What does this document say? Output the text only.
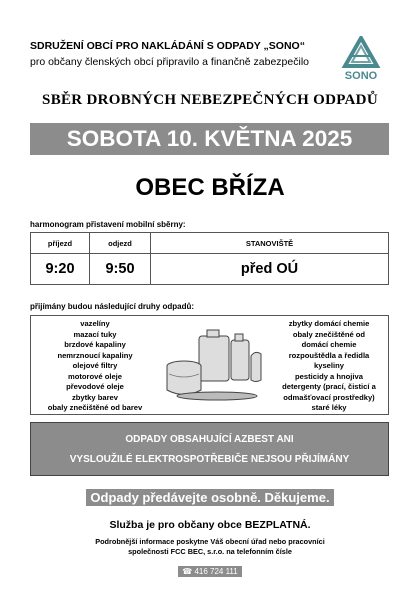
SDRUŽENÍ OBCÍ PRO NAKLÁDÁNÍ S ODPADY „SONO“
pro občany členských obcí připravilo a finančně zabezpečilo
SONO
SBĚR DROBNÝCH NEBEZPEČNÝCH ODPADŮ
SOBOTA 10. KVĚTNA 2025
OBEC BŘÍZA
harmonogram přistavení mobilní sběrny:
příjezd	odjezd	STANOVIŠTĚ
9:20	9:50	před OÚ
přijímány budou následující druhy odpadů:
vazelíny
mazací tuky
brzdové kapaliny
nemrznoucí kapaliny
olejové filtry
motorové oleje
převodové oleje
zbytky barev
obaly znečištěné od barev
zbytky domácí chemie
obaly znečištěné od
domácí chemie
rozpouštědla a ředidla
kyseliny
pesticidy a hnojiva
detergenty (prací, čisticí a
odmašťovací prostředky)
staré léky
ODPADY OBSAHUJÍCÍ AZBEST ANI
VYSLOUŽILÉ ELEKTROSPOTŘEBIČE NEJSOU PŘIJÍMÁNY
Odpady předávejte osobně. Děkujeme.
Služba je pro občany obce BEZPLATNÁ.
Podrobnější informace poskytne Váš obecní úřad nebo pracovníci
společnosti FCC BEC, s.r.o. na telefonním čísle
☎ 416 724 111
